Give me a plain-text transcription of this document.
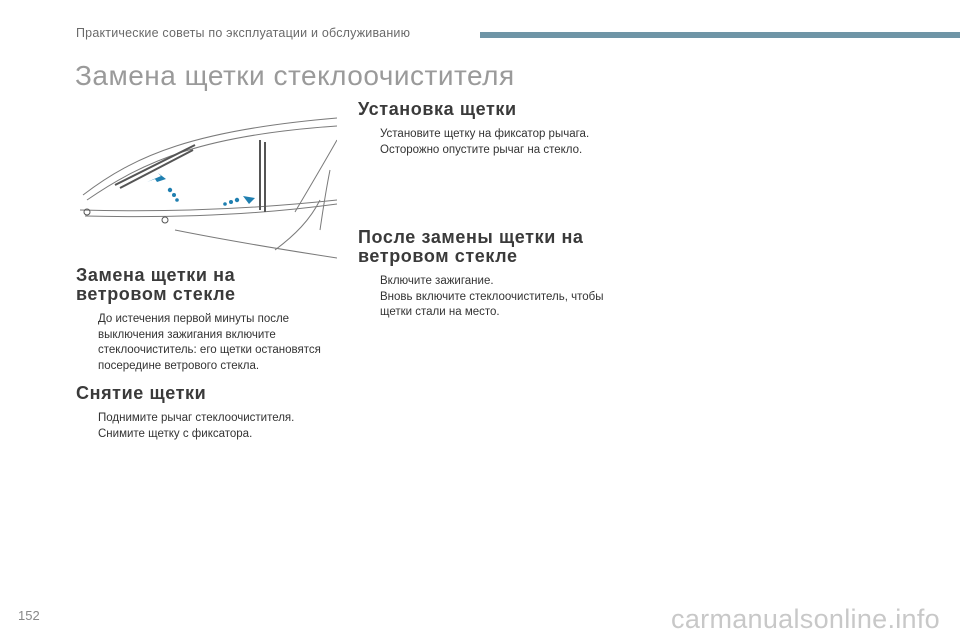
Практические советы по эксплуатации и обслуживанию
Замена щетки стеклоочистителя
Замена щетки на
ветровом стекле
До истечения первой минуты после выключения зажигания включите стеклоочиститель: его щетки остановятся посередине ветрового стекла.
Снятие щетки
Поднимите рычаг стеклоочистителя.
Снимите щетку с фиксатора.
Установка щетки
Установите щетку на фиксатор рычага.
Осторожно опустите рычаг на стекло.
После замены щетки на
ветровом стекле
Включите зажигание.
Вновь включите стеклоочиститель, чтобы щетки стали на место.
152	carmanualsonline.info
